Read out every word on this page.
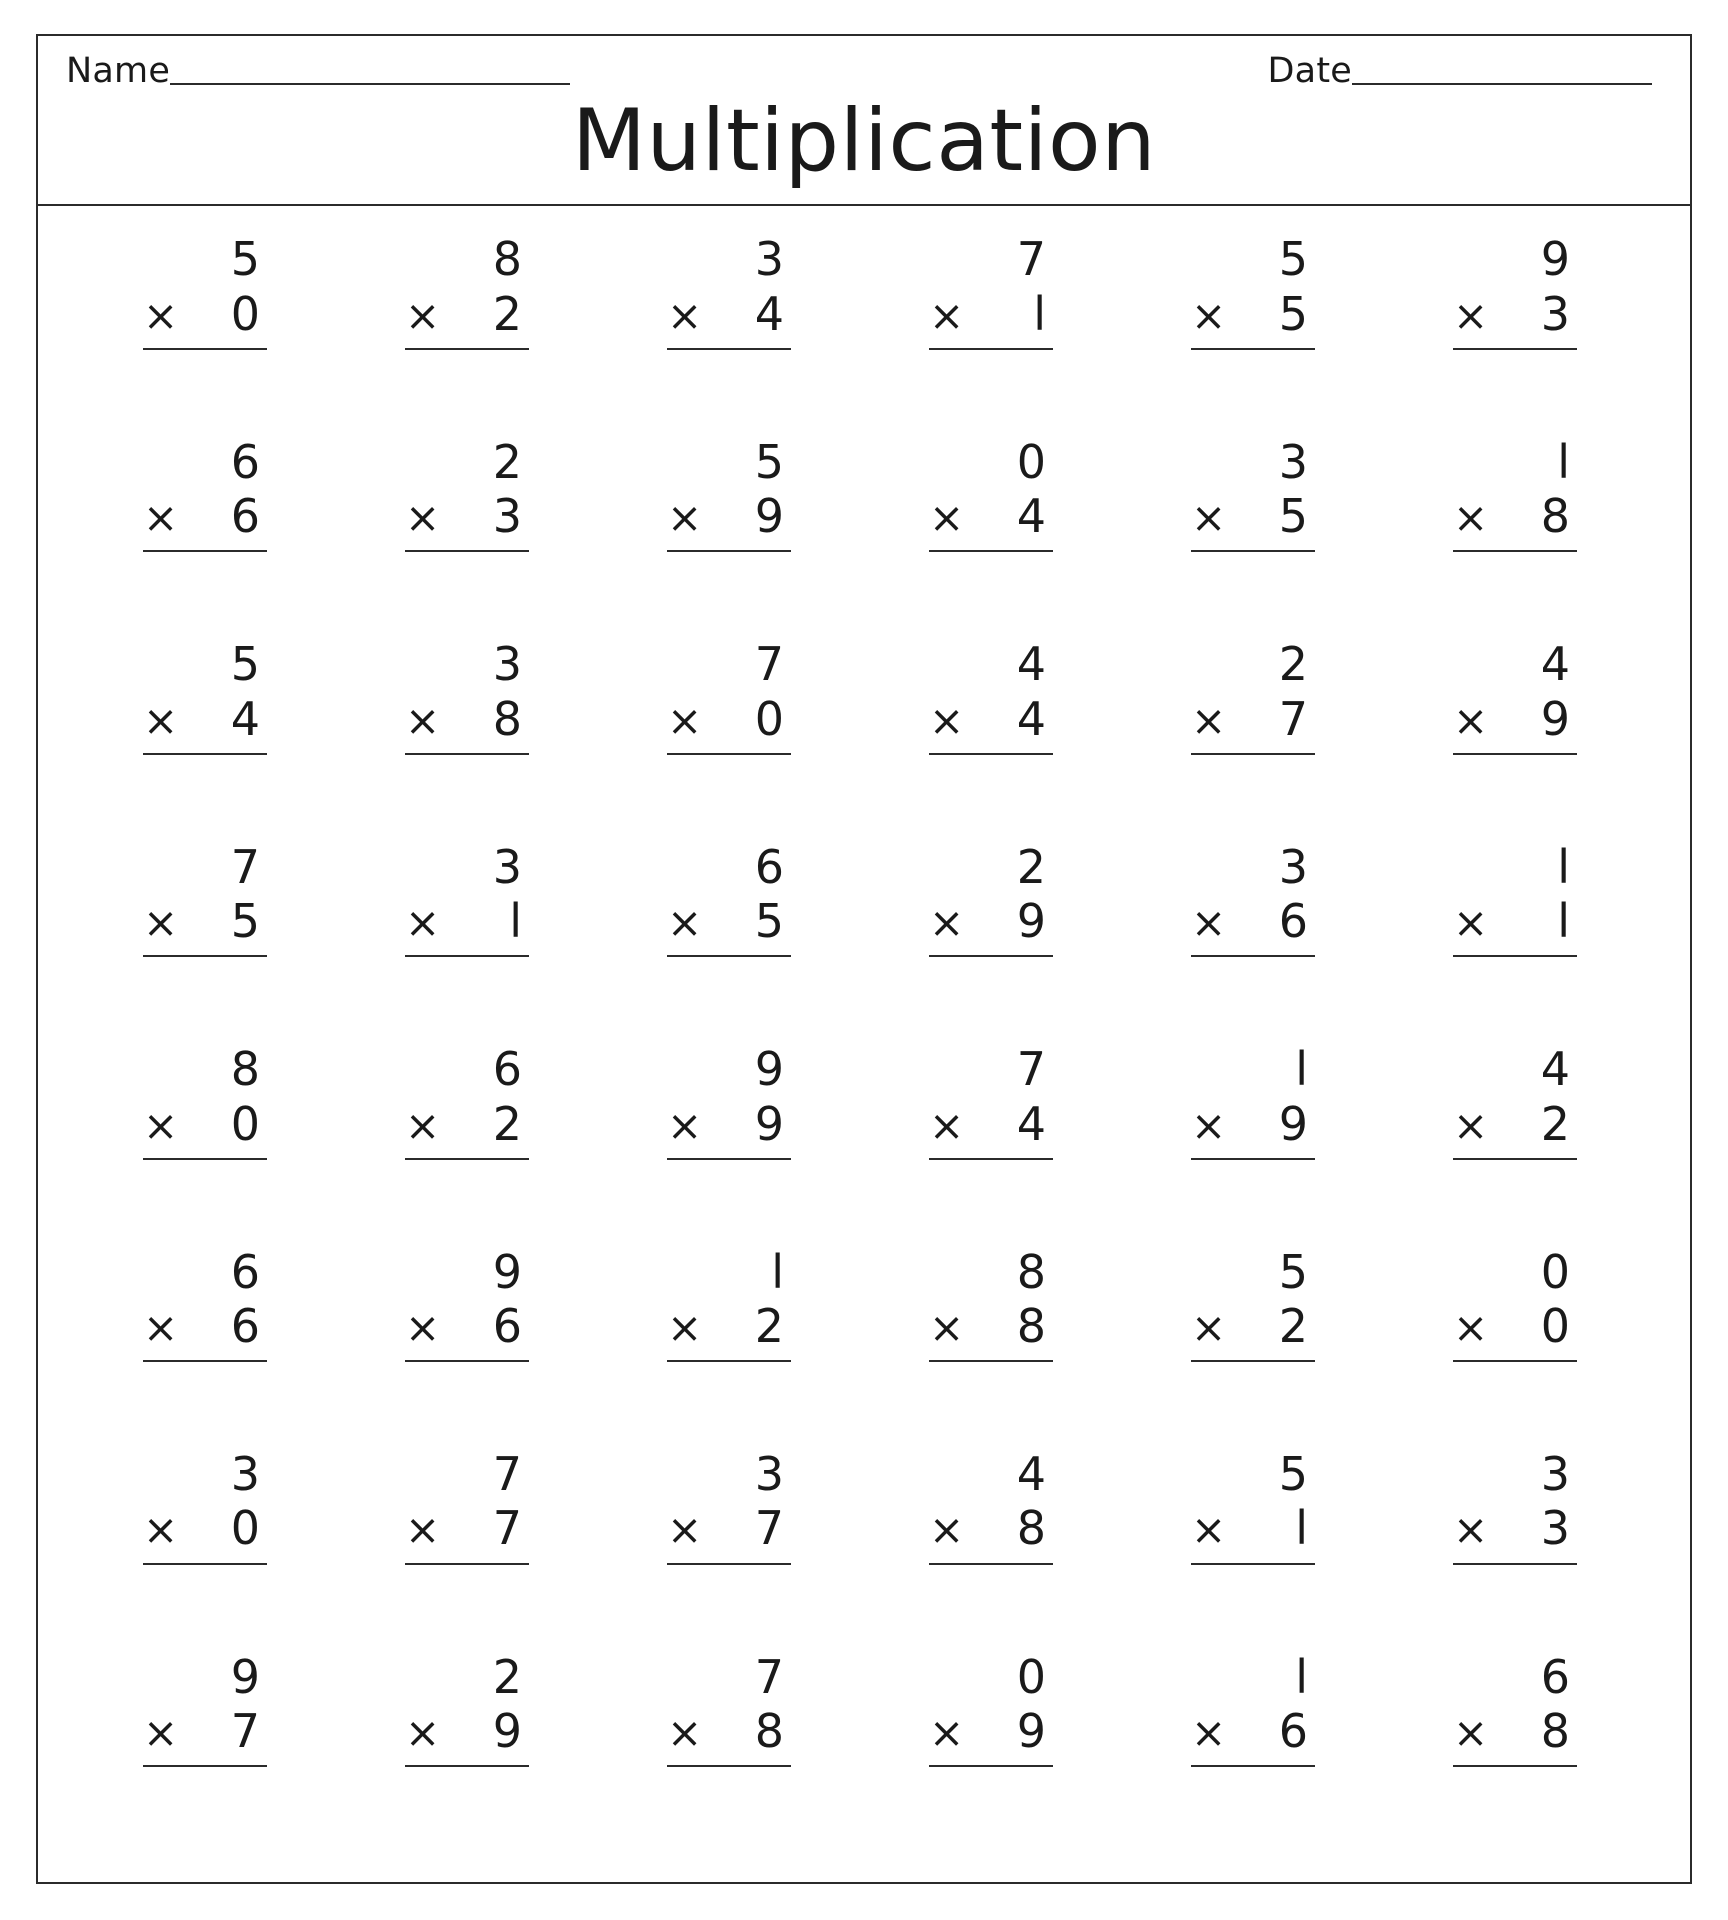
Name	Date
Multiplication
5
× 0
8
× 2
3
× 4
7
× l
5
× 5
9
× 3
6
× 6
2
× 3
5
× 9
0
× 4
3
× 5
l
× 8
5
× 4
3
× 8
7
× 0
4
× 4
2
× 7
4
× 9
7
× 5
3
× l
6
× 5
2
× 9
3
× 6
l
× l
8
× 0
6
× 2
9
× 9
7
× 4
l
× 9
4
× 2
6
× 6
9
× 6
l
× 2
8
× 8
5
× 2
0
× 0
3
× 0
7
× 7
3
× 7
4
× 8
5
× l
3
× 3
9
× 7
2
× 9
7
× 8
0
× 9
l
× 6
6
× 8
